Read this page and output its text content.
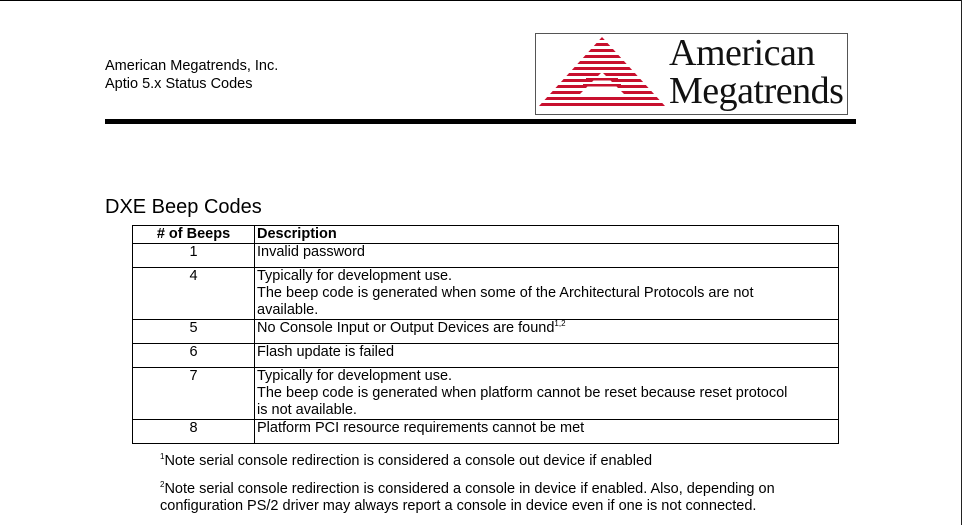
American Megatrends, Inc.
Aptio 5.x Status Codes
American
Megatrends
DXE Beep Codes
# of Beeps	Description
1	Invalid password

4	Typically for development use.
The beep code is generated when some of the Architectural Protocols are not
available.

5	No Console Input or Output Devices are found$^{1,2}$

6	Flash update is failed

7	Typically for development use.
The beep code is generated when platform cannot be reset because reset protocol
is not available.

8	Platform PCI resource requirements cannot be met
$^1$Note serial console redirection is considered a console out device if enabled
$^2$Note serial console redirection is considered a console in device if enabled. Also, depending on
configuration PS/2 driver may always report a console in device even if one is not connected.
